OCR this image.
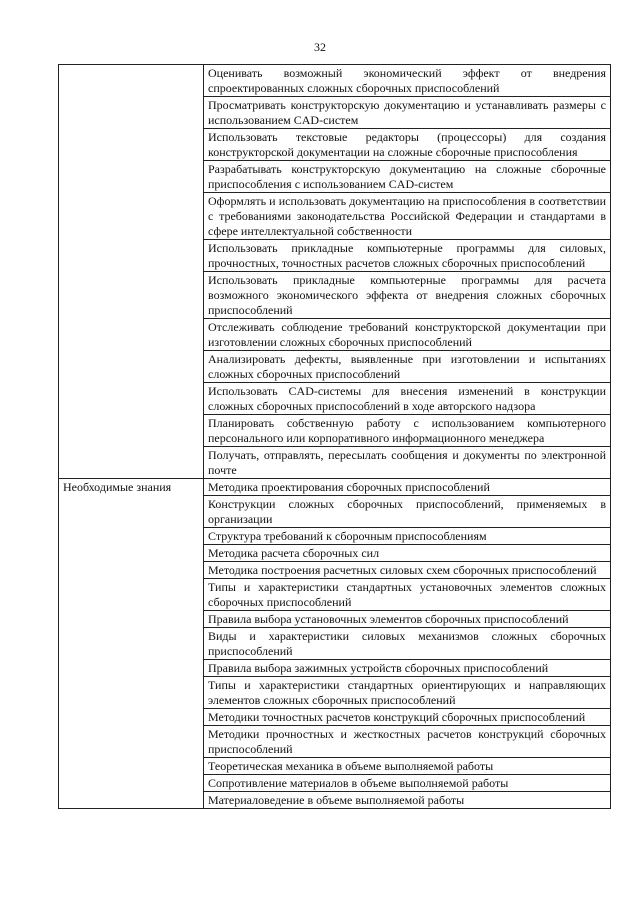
32
	Оценивать возможный экономический эффект от внедрения спроектированных сложных сборочных приспособлений
	Просматривать конструкторскую документацию и устанавливать размеры с использованием CAD-систем
	Использовать текстовые редакторы (процессоры) для создания конструкторской документации на сложные сборочные приспособления
	Разрабатывать конструкторскую документацию на сложные сборочные приспособления с использованием CAD-систем
	Оформлять и использовать документацию на приспособления в соответствии с требованиями законодательства Российской Федерации и стандартами в сфере интеллектуальной собственности
	Использовать прикладные компьютерные программы для силовых, прочностных, точностных расчетов сложных сборочных приспособлений
	Использовать прикладные компьютерные программы для расчета возможного экономического эффекта от внедрения сложных сборочных приспособлений
	Отслеживать соблюдение требований конструкторской документации при изготовлении сложных сборочных приспособлений
	Анализировать дефекты, выявленные при изготовлении и испытаниях сложных сборочных приспособлений
	Использовать CAD-системы для внесения изменений в конструкции сложных сборочных приспособлений в ходе авторского надзора
	Планировать собственную работу с использованием компьютерного персонального или корпоративного информационного менеджера
	Получать, отправлять, пересылать сообщения и документы по электронной почте
Необходимые знания	Методика проектирования сборочных приспособлений
	Конструкции сложных сборочных приспособлений, применяемых в организации
	Структура требований к сборочным приспособлениям
	Методика расчета сборочных сил
	Методика построения расчетных силовых схем сборочных приспособлений
	Типы и характеристики стандартных установочных элементов сложных сборочных приспособлений
	Правила выбора установочных элементов сборочных приспособлений
	Виды и характеристики силовых механизмов сложных сборочных приспособлений
	Правила выбора зажимных устройств сборочных приспособлений
	Типы и характеристики стандартных ориентирующих и направляющих элементов сложных сборочных приспособлений
	Методики точностных расчетов конструкций сборочных приспособлений
	Методики прочностных и жесткостных расчетов конструкций сборочных приспособлений
	Теоретическая механика в объеме выполняемой работы
	Сопротивление материалов в объеме выполняемой работы
	Материаловедение в объеме выполняемой работы
